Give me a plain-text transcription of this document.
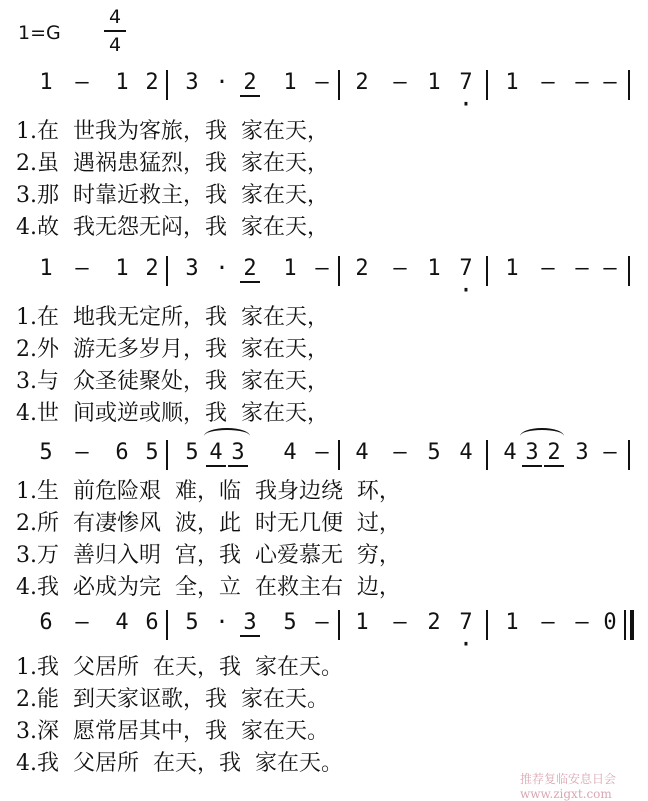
1=G
4
4
1 — 1 2 3 · 2 1 — 2 — 1 7 · 1 — — —
1.在  世我为客旅，我  家在天，
2.虽  遇祸患猛烈，我  家在天，
3.那  时靠近救主，我  家在天，
4.故  我无怨无闷，我  家在天，
1 — 1 2 3 · 2 1 — 2 — 1 7 · 1 — — —
1.在  地我无定所，我  家在天，
2.外  游无多岁月，我  家在天，
3.与  众圣徒聚处，我  家在天，
4.世  间或逆或顺，我  家在天，
5 — 6 5 5 4 3 4 — 4 — 5 4 4 3 2 3 —
1.生  前危险艰  难，临  我身边绕  环，
2.所  有凄惨风  波，此  时无几便  过，
3.万  善归入明  宫，我  心爱慕无  穷，
4.我  必成为完  全，立  在救主右  边，
6 — 4 6 5 · 3 5 — 1 — 2 7 · 1 — — 0
1.我  父居所  在天，我  家在天。
2.能  到天家讴歌，我  家在天。
3.深  愿常居其中，我  家在天。
4.我  父居所  在天，我  家在天。
推荐复临安息日会 www.zigxt.com
